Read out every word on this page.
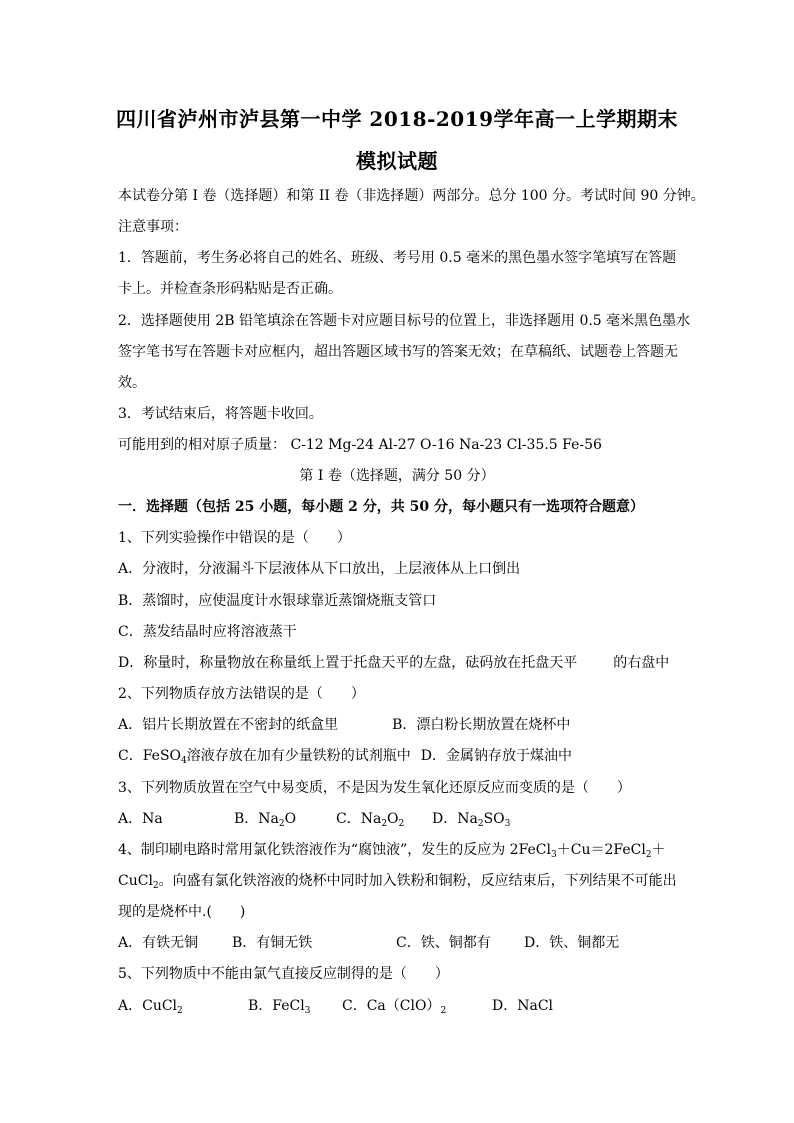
四川省泸州市泸县第一中学 2018-2019学年高一上学期期末
模拟试题
本试卷分第 I 卷（选择题）和第 II 卷（非选择题）两部分。总分 100 分。考试时间 90 分钟。
注意事项：
1．答题前，考生务必将自己的姓名、班级、考号用 0.5 毫米的黑色墨水签字笔填写在答题
卡上。并检查条形码粘贴是否正确。
2．选择题使用 2B 铅笔填涂在答题卡对应题目标号的位置上，非选择题用 0.5 毫米黑色墨水
签字笔书写在答题卡对应框内，超出答题区域书写的答案无效；在草稿纸、试题卷上答题无
效。
3．考试结束后，将答题卡收回。
可能用到的相对原子质量： C-12 Mg-24 Al-27 O-16 Na-23 Cl-35.5 Fe-56
第 I 卷（选择题，满分 50 分）
一．选择题（包括 25 小题，每小题 2 分，共 50 分，每小题只有一选项符合题意）
1、下列实验操作中错误的是（　　）
A．分液时，分液漏斗下层液体从下口放出，上层液体从上口倒出
B．蒸馏时，应使温度计水银球靠近蒸馏烧瓶支管口
C．蒸发结晶时应将溶液蒸干
D．称量时，称量物放在称量纸上置于托盘天平的左盘，砝码放在托盘天平	的右盘中
2、下列物质存放方法错误的是（　　）
A．铝片长期放置在不密封的纸盒里	B．漂白粉长期放置在烧杯中
C．FeSO$_4$溶液存放在加有少量铁粉的试剂瓶中 D．金属钠存放于煤油中
3、下列物质放置在空气中易变质，不是因为发生氧化还原反应而变质的是（　　）
A．Na	B．$Na_2O$	C．$Na_2O_2$ D．$Na_2SO_3$
4、制印刷电路时常用氯化铁溶液作为“腐蚀液”，发生的反应为 2FeCl$_3$＋Cu＝2FeCl$_2$＋
CuCl$_2$。向盛有氯化铁溶液的烧杯中同时加入铁粉和铜粉，反应结束后，下列结果不可能出
现的是烧杯中.(　　)
A．有铁无铜 B．有铜无铁	C．铁、铜都有 D．铁、铜都无
5、下列物质中不能由氯气直接反应制得的是（　　）
A．CuCl$_2$	B．FeCl$_3$ C．$Ca(ClO)_2$	D．NaCl
